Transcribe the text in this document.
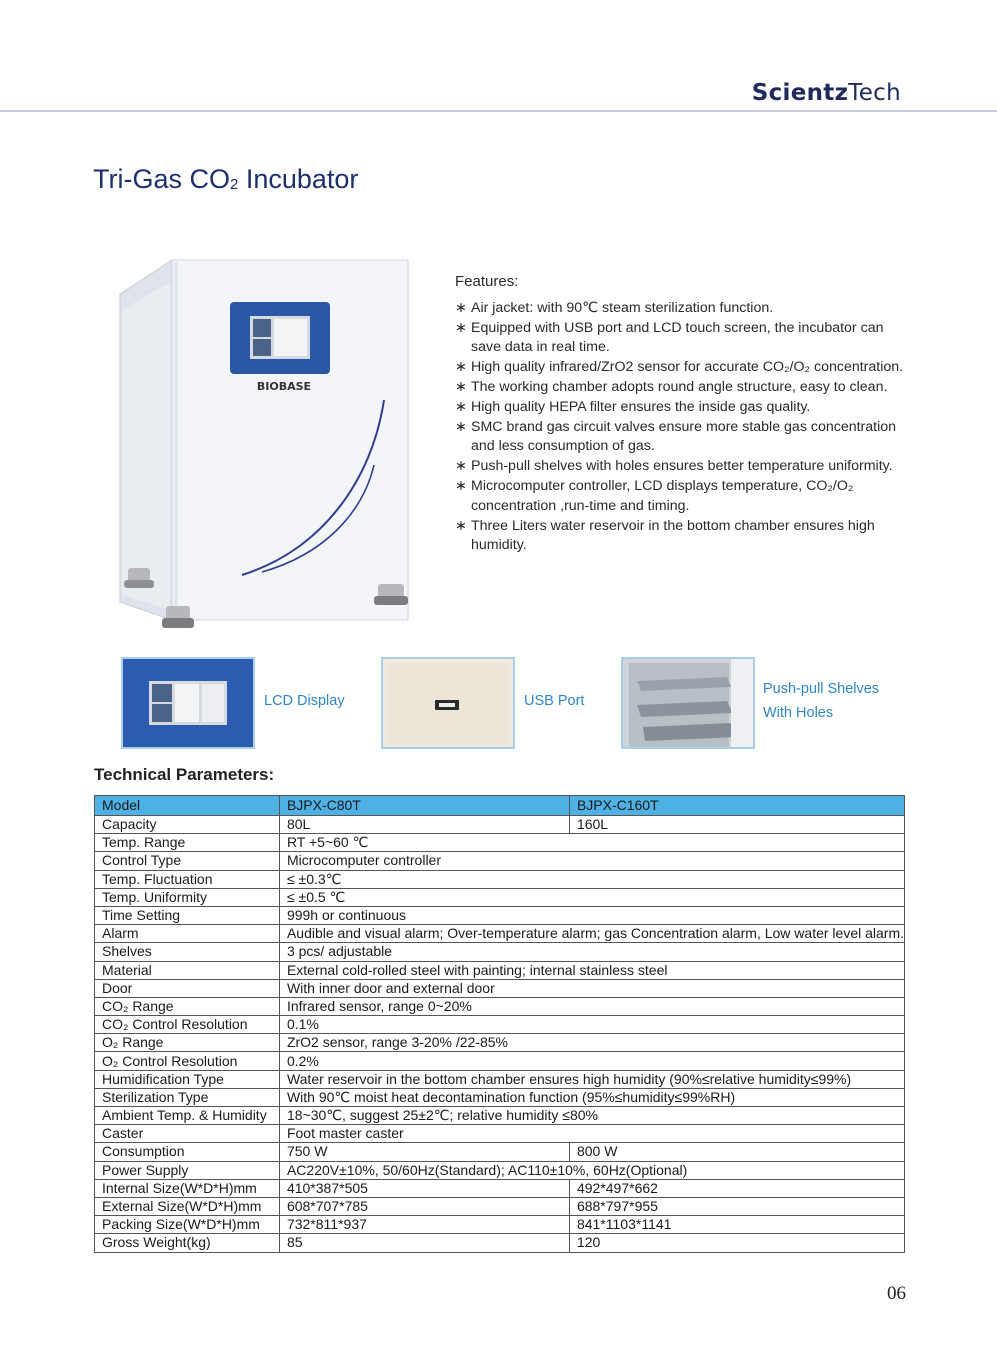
ScientzTech
Tri-Gas $CO_2$ Incubator
BIOBASE
Features:
∗ Air jacket: with 90℃ steam sterilization function.
∗ Equipped with USB port and LCD touch screen, the incubator can save data in real time.
∗ High quality infrared/ZrO2 sensor for accurate CO₂/O₂ concentration.
∗ The working chamber adopts round angle structure, easy to clean.
∗ High quality HEPA filter ensures the inside gas quality.
∗ SMC brand gas circuit valves ensure more stable gas concentration and less consumption of gas.
∗ Push-pull shelves with holes ensures better temperature uniformity.
∗ Microcomputer controller, LCD displays temperature, CO₂/O₂ concentration ,run-time and timing.
∗ Three Liters water reservoir in the bottom chamber ensures high humidity.
LCD Display	USB Port
Push-pull Shelves
With Holes
Technical Parameters:
Model	BJPX-C80T	BJPX-C160T
Capacity	80L	160L
Temp. Range	RT +5~60 ℃	
Control Type	Microcomputer controller	
Temp. Fluctuation	≤ ±0.3℃	
Temp. Uniformity	≤ ±0.5 ℃	
Time Setting	999h or continuous	
Alarm	Audible and visual alarm; Over-temperature alarm; gas Concentration alarm, Low water level alarm.	
Shelves	3 pcs/ adjustable	
Material	External cold-rolled steel with painting; internal stainless steel	
Door	With inner door and external door	
CO₂ Range	Infrared sensor, range 0~20%	
CO₂ Control Resolution	0.1%	
O₂ Range	ZrO2 sensor, range 3-20% /22-85%	
O₂ Control Resolution	0.2%	
Humidification Type	Water reservoir in the bottom chamber ensures high humidity (90%≤relative humidity≤99%)	
Sterilization Type	With 90℃ moist heat decontamination function (95%≤humidity≤99%RH)	
Ambient Temp. & Humidity	18~30℃, suggest 25±2℃; relative humidity ≤80%	
Caster	Foot master caster	
Consumption	750 W	800 W
Power Supply	AC220V±10%, 50/60Hz(Standard); AC110±10%, 60Hz(Optional)	
Internal Size(W*D*H)mm	410*387*505	492*497*662
External Size(W*D*H)mm	608*707*785	688*797*955
Packing Size(W*D*H)mm	732*811*937	841*1103*1141
Gross Weight(kg)	85	120
06
